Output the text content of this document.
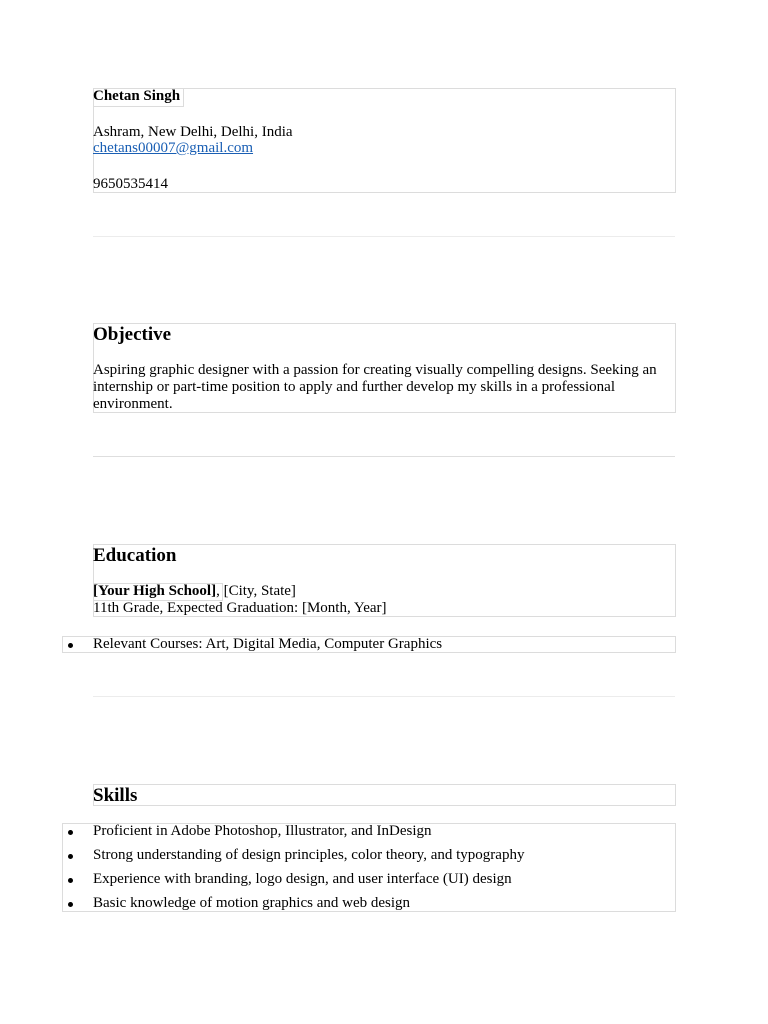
Chetan Singh
Ashram, New Delhi, Delhi, India
chetans00007@gmail.com
9650535414
Objective
Aspiring graphic designer with a passion for creating visually compelling designs. Seeking an internship or part-time position to apply and further develop my skills in a professional environment.
Education
[Your High School], [City, State]
11th Grade, Expected Graduation: [Month, Year]
Relevant Courses: Art, Digital Media, Computer Graphics
Skills
Proficient in Adobe Photoshop, Illustrator, and InDesign
Strong understanding of design principles, color theory, and typography
Experience with branding, logo design, and user interface (UI) design
Basic knowledge of motion graphics and web design
